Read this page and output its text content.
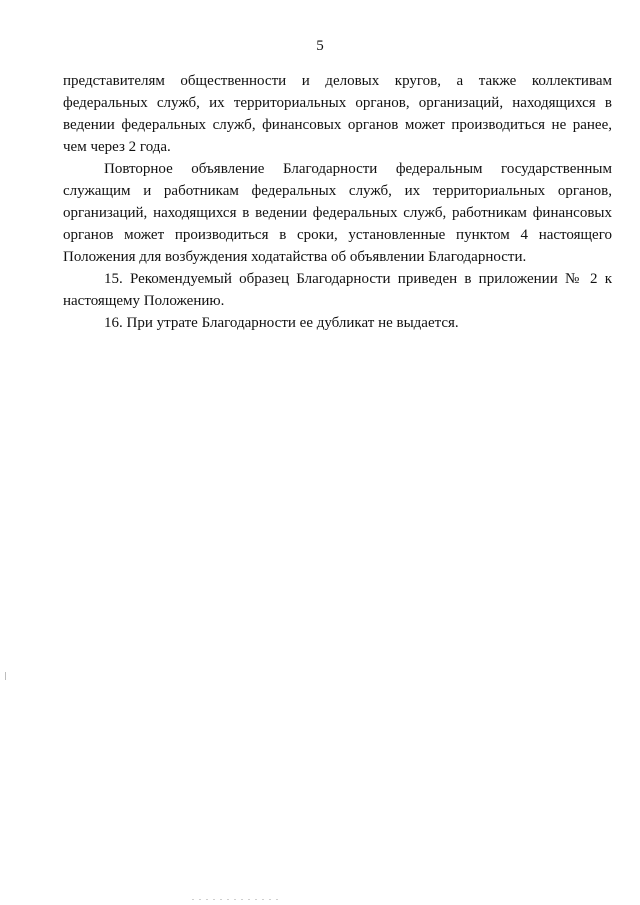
5

представителям общественности и деловых кругов, а также коллективам федеральных служб, их территориальных органов, организаций, находящихся в ведении федеральных служб, финансовых органов может производиться не ранее, чем через 2 года.

Повторное объявление Благодарности федеральным государственным служащим и работникам федеральных служб, их территориальных органов, организаций, находящихся в ведении федеральных служб, работникам финансовых органов может производиться в сроки, установленные пунктом 4 настоящего Положения для возбуждения ходатайства об объявлении Благодарности.

15. Рекомендуемый образец Благодарности приведен в приложении № 2 к настоящему Положению.

16. При утрате Благодарности ее дубликат не выдается.
